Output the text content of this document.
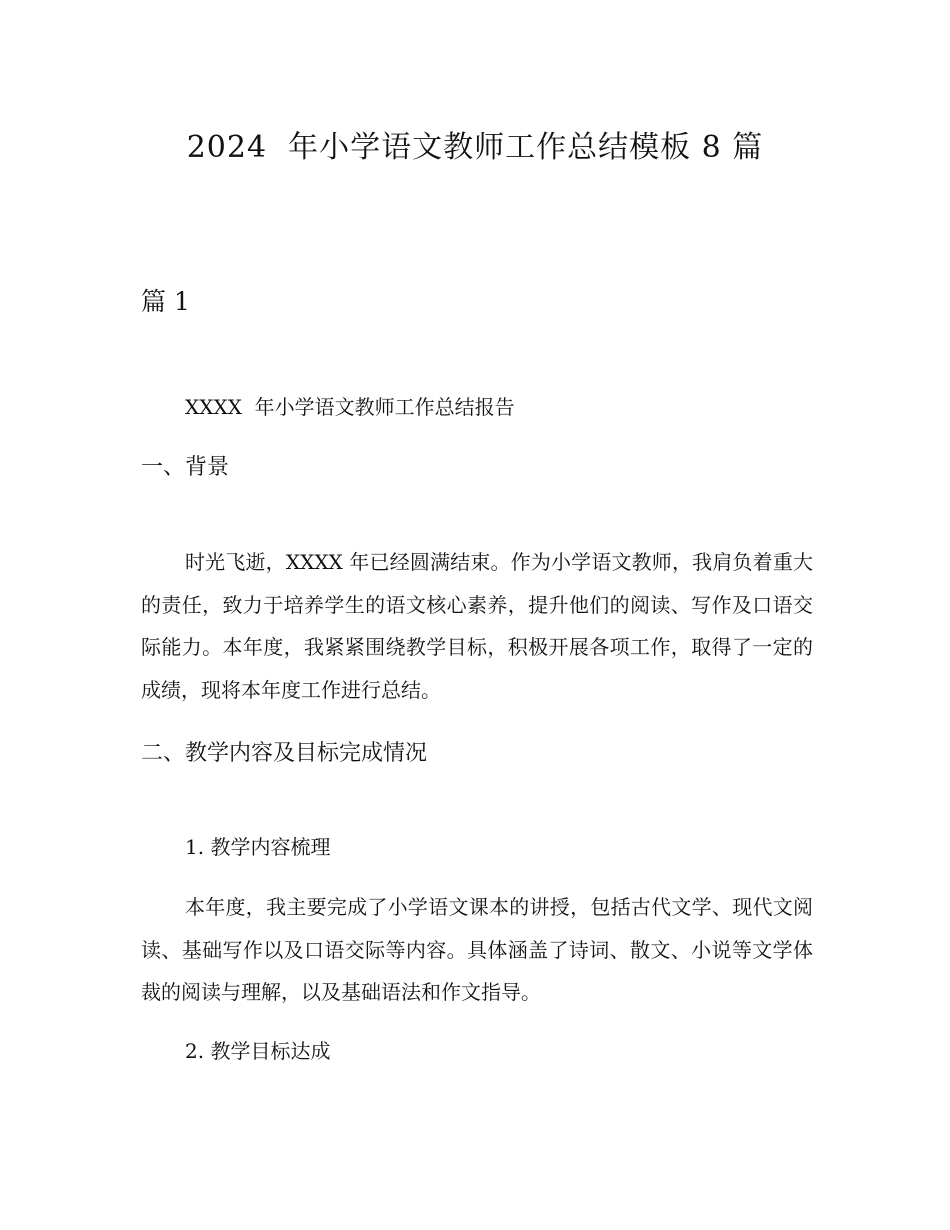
2024  年小学语文教师工作总结模板 8 篇
篇 1
XXXX  年小学语文教师工作总结报告
一、背景

时光飞逝，XXXX 年已经圆满结束。作为小学语文教师，我肩负着重大的责任，致力于培养学生的语文核心素养，提升他们的阅读、写作及口语交际能力。本年度，我紧紧围绕教学目标，积极开展各项工作，取得了一定的成绩，现将本年度工作进行总结。

二、教学内容及目标完成情况
1. 教学内容梳理

本年度，我主要完成了小学语文课本的讲授，包括古代文学、现代文阅读、基础写作以及口语交际等内容。具体涵盖了诗词、散文、小说等文学体裁的阅读与理解，以及基础语法和作文指导。

2. 教学目标达成
